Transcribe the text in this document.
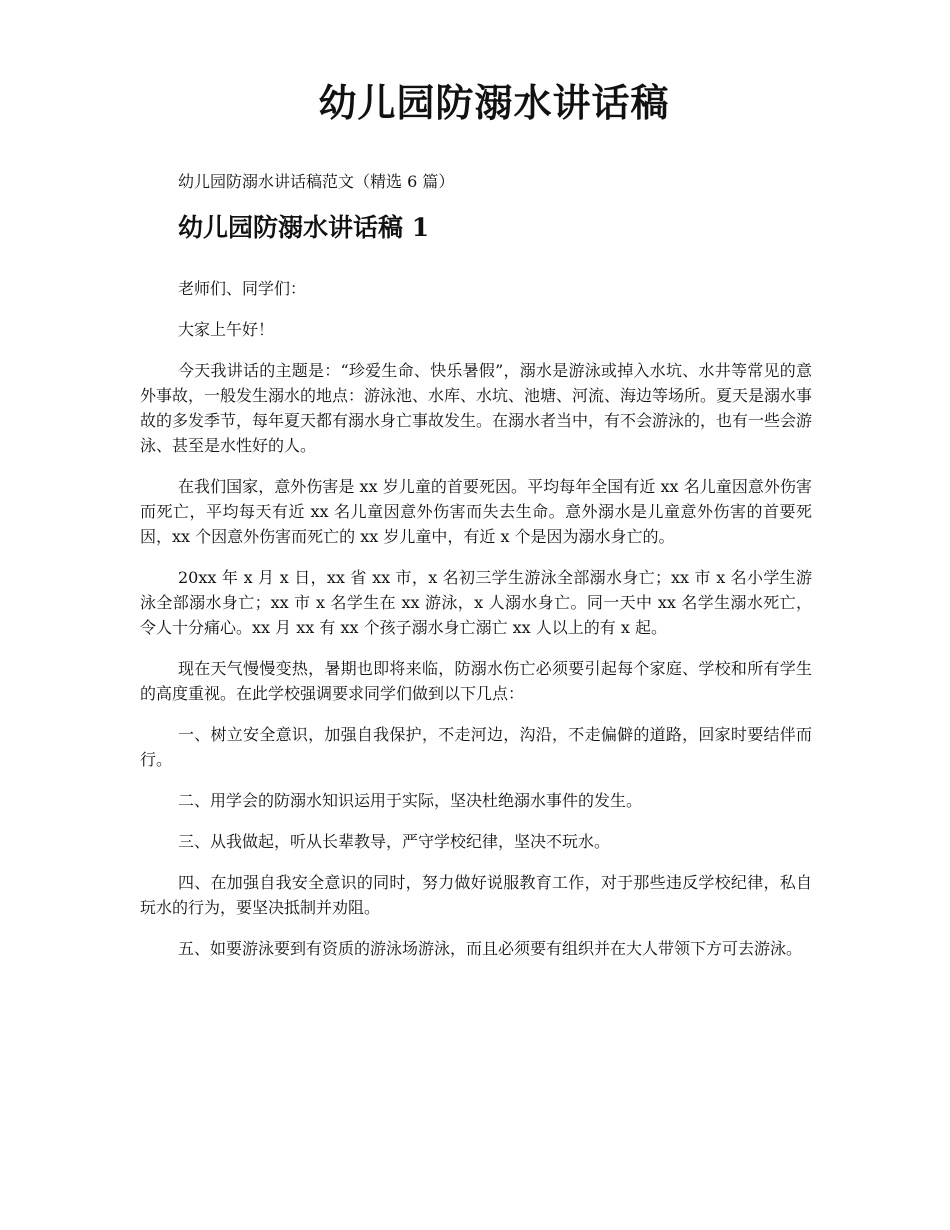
幼儿园防溺水讲话稿

幼儿园防溺水讲话稿范文（精选 6 篇）

幼儿园防溺水讲话稿 1

老师们、同学们：

大家上午好！

今天我讲话的主题是：“珍爱生命、快乐暑假”，溺水是游泳或掉入水坑、水井等常见的意外事故，一般发生溺水的地点：游泳池、水库、水坑、池塘、河流、海边等场所。夏天是溺水事故的多发季节，每年夏天都有溺水身亡事故发生。在溺水者当中，有不会游泳的，也有一些会游泳、甚至是水性好的人。

在我们国家，意外伤害是 xx 岁儿童的首要死因。平均每年全国有近 xx 名儿童因意外伤害而死亡，平均每天有近 xx 名儿童因意外伤害而失去生命。意外溺水是儿童意外伤害的首要死因，xx 个因意外伤害而死亡的 xx 岁儿童中，有近 x 个是因为溺水身亡的。

20xx 年 x 月 x 日，xx 省 xx 市，x 名初三学生游泳全部溺水身亡；xx 市 x 名小学生游泳全部溺水身亡；xx 市 x 名学生在 xx 游泳，x 人溺水身亡。同一天中 xx 名学生溺水死亡，令人十分痛心。xx 月 xx 有 xx 个孩子溺水身亡溺亡 xx 人以上的有 x 起。

现在天气慢慢变热，暑期也即将来临，防溺水伤亡必须要引起每个家庭、学校和所有学生的高度重视。在此学校强调要求同学们做到以下几点：

一、树立安全意识，加强自我保护，不走河边，沟沿，不走偏僻的道路，回家时要结伴而行。

二、用学会的防溺水知识运用于实际，坚决杜绝溺水事件的发生。

三、从我做起，听从长辈教导，严守学校纪律，坚决不玩水。

四、在加强自我安全意识的同时，努力做好说服教育工作，对于那些违反学校纪律，私自玩水的行为，要坚决抵制并劝阻。

五、如要游泳要到有资质的游泳场游泳，而且必须要有组织并在大人带领下方可去游泳。
